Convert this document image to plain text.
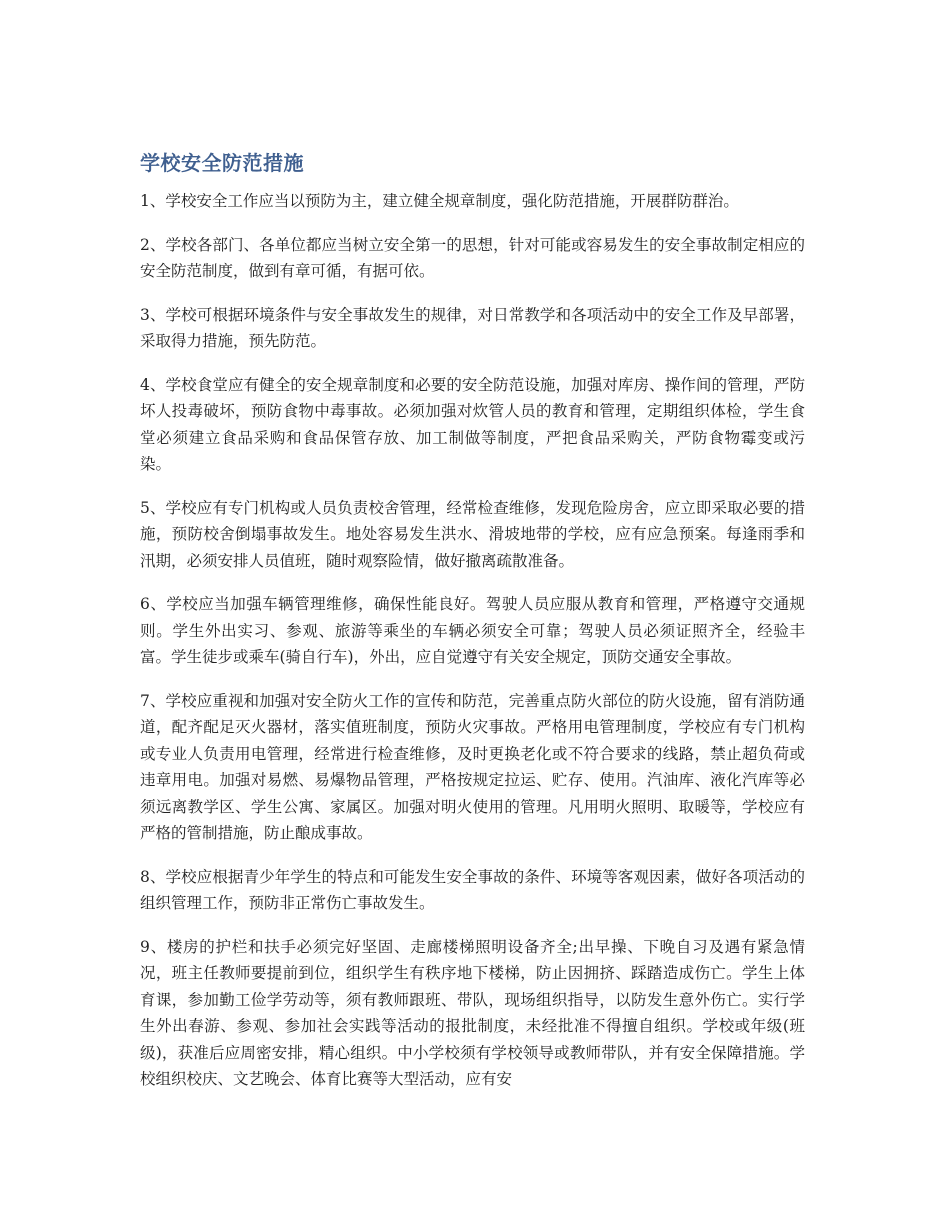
学校安全防范措施

1、学校安全工作应当以预防为主，建立健全规章制度，强化防范措施，开展群防群治。

2、学校各部门、各单位都应当树立安全第一的思想，针对可能或容易发生的安全事故制定相应的安全防范制度，做到有章可循，有据可依。

3、学校可根据环境条件与安全事故发生的规律，对日常教学和各项活动中的安全工作及早部署，采取得力措施，预先防范。

4、学校食堂应有健全的安全规章制度和必要的安全防范设施，加强对库房、操作间的管理，严防坏人投毒破坏，预防食物中毒事故。必须加强对炊管人员的教育和管理，定期组织体检，学生食堂必须建立食品采购和食品保管存放、加工制做等制度，严把食品采购关，严防食物霉变或污染。

5、学校应有专门机构或人员负责校舍管理，经常检查维修，发现危险房舍，应立即采取必要的措施，预防校舍倒塌事故发生。地处容易发生洪水、滑坡地带的学校，应有应急预案。每逢雨季和汛期，必须安排人员值班，随时观察险情，做好撤离疏散准备。

6、学校应当加强车辆管理维修，确保性能良好。驾驶人员应服从教育和管理，严格遵守交通规则。学生外出实习、参观、旅游等乘坐的车辆必须安全可靠；驾驶人员必须证照齐全，经验丰富。学生徒步或乘车(骑自行车)，外出，应自觉遵守有关安全规定，顶防交通安全事故。

7、学校应重视和加强对安全防火工作的宣传和防范，完善重点防火部位的防火设施，留有消防通道，配齐配足灭火器材，落实值班制度，预防火灾事故。严格用电管理制度，学校应有专门机构或专业人负责用电管理，经常进行检查维修，及时更换老化或不符合要求的线路，禁止超负荷或违章用电。加强对易燃、易爆物品管理，严格按规定拉运、贮存、使用。汽油库、液化汽库等必须远离教学区、学生公寓、家属区。加强对明火使用的管理。凡用明火照明、取暖等，学校应有严格的管制措施，防止酿成事故。

8、学校应根据青少年学生的特点和可能发生安全事故的条件、环境等客观因素，做好各项活动的组织管理工作，预防非正常伤亡事故发生。

9、楼房的护栏和扶手必须完好坚固、走廊楼梯照明设备齐全;出早操、下晚自习及遇有紧急情况，班主任教师要提前到位，组织学生有秩序地下楼梯，防止因拥挤、踩踏造成伤亡。学生上体育课，参加勤工俭学劳动等，须有教师跟班、带队，现场组织指导，以防发生意外伤亡。实行学生外出春游、参观、参加社会实践等活动的报批制度，未经批准不得擅自组织。学校或年级(班级)，获准后应周密安排，精心组织。中小学校须有学校领导或教师带队，并有安全保障措施。学校组织校庆、文艺晚会、体育比赛等大型活动，应有安
